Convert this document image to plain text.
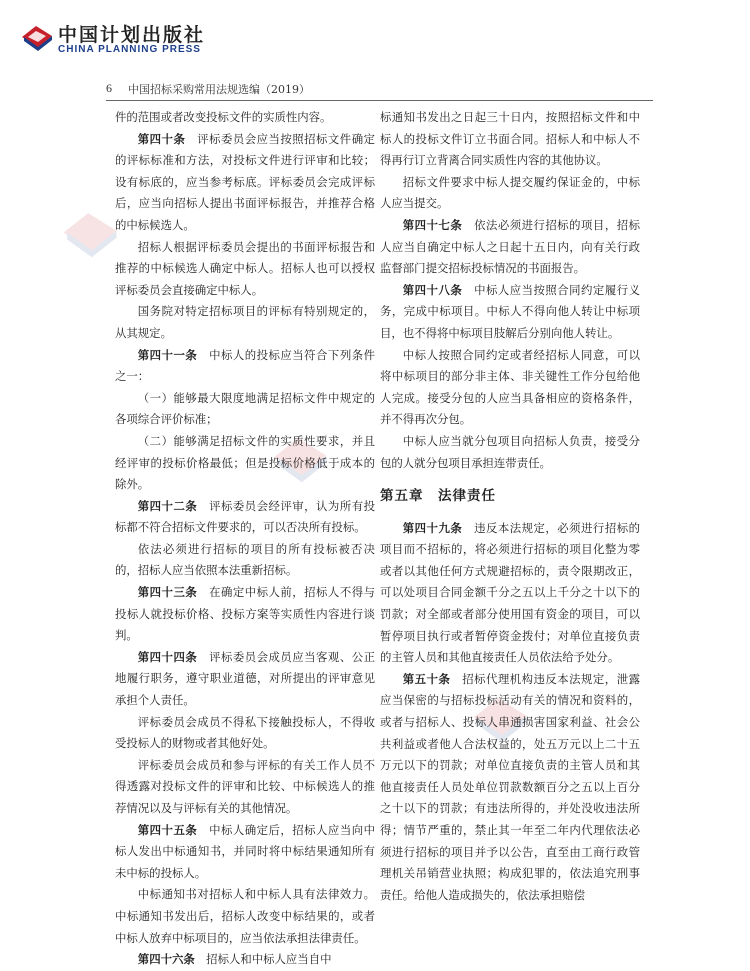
中国计划出版社
CHINA PLANNING PRESS
6 中国招标采购常用法规选编（2019）

件的范围或者改变投标文件的实质性内容。

第四十条　 评标委员会应当按照招标文件确定的评标标准和方法，对投标文件进行评审和比较；设有标底的，应当参考标底。评标委员会完成评标后，应当向招标人提出书面评标报告，并推荐合格的中标候选人。

招标人根据评标委员会提出的书面评标报告和推荐的中标候选人确定中标人。招标人也可以授权评标委员会直接确定中标人。

国务院对特定招标项目的评标有特别规定的，从其规定。

第四十一条　 中标人的投标应当符合下列条件之一：

（一）能够最大限度地满足招标文件中规定的各项综合评价标准；

（二）能够满足招标文件的实质性要求，并且经评审的投标价格最低；但是投标价格低于成本的除外。

第四十二条　 评标委员会经评审，认为所有投标都不符合招标文件要求的，可以否决所有投标。

依法必须进行招标的项目的所有投标被否决的，招标人应当依照本法重新招标。

第四十三条　 在确定中标人前，招标人不得与投标人就投标价格、投标方案等实质性内容进行谈判。

第四十四条　 评标委员会成员应当客观、公正地履行职务，遵守职业道德，对所提出的评审意见承担个人责任。

评标委员会成员不得私下接触投标人，不得收受投标人的财物或者其他好处。

评标委员会成员和参与评标的有关工作人员不得透露对投标文件的评审和比较、中标候选人的推荐情况以及与评标有关的其他情况。

第四十五条　 中标人确定后，招标人应当向中标人发出中标通知书，并同时将中标结果通知所有未中标的投标人。

中标通知书对招标人和中标人具有法律效力。中标通知书发出后，招标人改变中标结果的，或者中标人放弃中标项目的，应当依法承担法律责任。

第四十六条　 招标人和中标人应当自中

标通知书发出之日起三十日内，按照招标文件和中标人的投标文件订立书面合同。招标人和中标人不得再行订立背离合同实质性内容的其他协议。

招标文件要求中标人提交履约保证金的，中标人应当提交。

第四十七条　 依法必须进行招标的项目，招标人应当自确定中标人之日起十五日内，向有关行政监督部门提交招标投标情况的书面报告。

第四十八条　 中标人应当按照合同约定履行义务，完成中标项目。中标人不得向他人转让中标项目，也不得将中标项目肢解后分别向他人转让。

中标人按照合同约定或者经招标人同意，可以将中标项目的部分非主体、非关键性工作分包给他人完成。接受分包的人应当具备相应的资格条件，并不得再次分包。

中标人应当就分包项目向招标人负责，接受分包的人就分包项目承担连带责任。

第五章　法律责任

第四十九条　 违反本法规定，必须进行招标的项目而不招标的，将必须进行招标的项目化整为零或者以其他任何方式规避招标的，责令限期改正，可以处项目合同金额千分之五以上千分之十以下的罚款；对全部或者部分使用国有资金的项目，可以暂停项目执行或者暂停资金拨付；对单位直接负责的主管人员和其他直接责任人员依法给予处分。

第五十条　 招标代理机构违反本法规定，泄露应当保密的与招标投标活动有关的情况和资料的，或者与招标人、投标人串通损害国家利益、社会公共利益或者他人合法权益的，处五万元以上二十五万元以下的罚款；对单位直接负责的主管人员和其他直接责任人员处单位罚款数额百分之五以上百分之十以下的罚款；有违法所得的，并处没收违法所得；情节严重的，禁止其一年至二年内代理依法必须进行招标的项目并予以公告，直至由工商行政管理机关吊销营业执照；构成犯罪的，依法追究刑事责任。给他人造成损失的，依法承担赔偿
